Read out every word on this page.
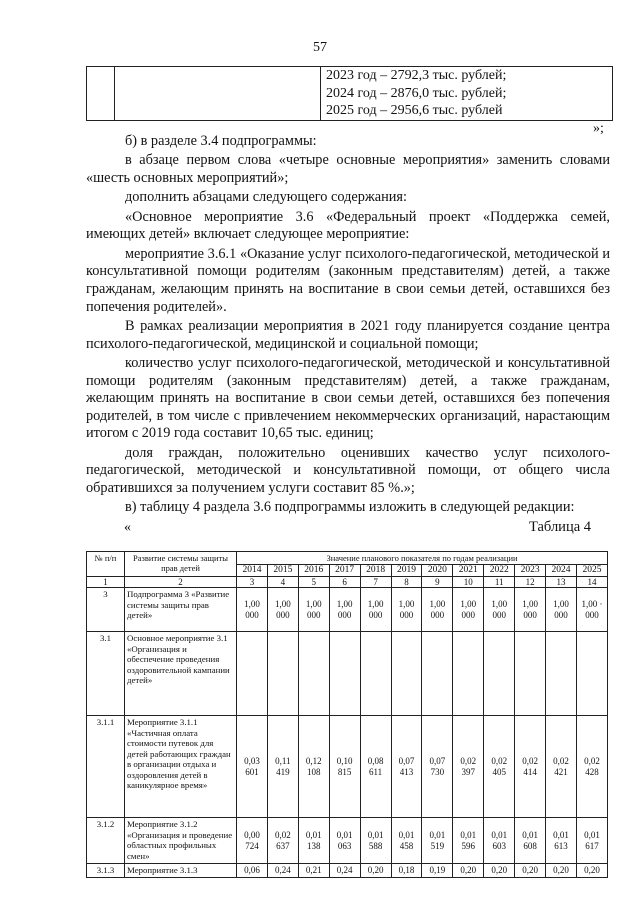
57

2023 год – 2792,3 тыс. рублей;
2024 год – 2876,0 тыс. рублей;
2025 год – 2956,6 тыс. рублей
»;

б) в разделе 3.4 подпрограммы:

в абзаце первом слова «четыре основные мероприятия» заменить словами «шесть основных мероприятий»;

дополнить абзацами следующего содержания:

«Основное мероприятие 3.6 «Федеральный проект «Поддержка семей, имеющих детей» включает следующее мероприятие:

мероприятие 3.6.1 «Оказание услуг психолого-педагогической, методической и консультативной помощи родителям (законным представителям) детей, а также гражданам, желающим принять на воспитание в свои семьи детей, оставшихся без попечения родителей».

В рамках реализации мероприятия в 2021 году планируется создание центра психолого-педагогической, медицинской и социальной помощи;

количество услуг психолого-педагогической, методической и консультативной помощи родителям (законным представителям) детей, а также гражданам, желающим принять на воспитание в свои семьи детей, оставшихся без попечения родителей, в том числе с привлечением некоммерческих организаций, нарастающим итогом с 2019 года составит 10,65 тыс. единиц;

доля граждан, положительно оценивших качество услуг психолого-педагогической, методической и консультативной помощи, от общего числа обратившихся за получением услуги составит 85 %.»;

в) таблицу 4 раздела 3.6 подпрограммы изложить в следующей редакции:

«	Таблица 4
№ п/п	Развитие системы защиты прав детей	Значение планового показателя по годам реализации											
		2014	2015	2016	2017	2018	2019	2020	2021	2022	2023	2024	2025
1	2	3	4	5	6	7	8	9	10	11	12	13	14
3	Подпрограмма 3 «Развитие системы защиты прав детей»	1,00 000	1,00 000	1,00 000	1,00 000	1,00 000	1,00 000	1,00 000	1,00 000	1,00 000	1,00 000	1,00 000	1,00 · 000
3.1	Основное мероприятие 3.1 «Организация и обеспечение проведения оздоровительной кампании детей»												
3.1.1	Мероприятие 3.1.1 «Частичная оплата стоимости путевок для детей работающих граждан в организации отдыха и оздоровления детей в каникулярное время»	0,03 601	0,11 419	0,12 108	0,10 815	0,08 611	0,07 413	0,07 730	0,02 397	0,02 405	0,02 414	0,02 421	0,02 428
3.1.2	Мероприятие 3.1.2 «Организация и проведение областных профильных смен»	0,00 724	0,02 637	0,01 138	0,01 063	0,01 588	0,01 458	0,01 519	0,01 596	0,01 603	0,01 608	0,01 613	0,01 617
3.1.3	Мероприятие 3.1.3	0,06	0,24	0,21	0,24	0,20	0,18	0,19	0,20	0,20	0,20	0,20	0,20
